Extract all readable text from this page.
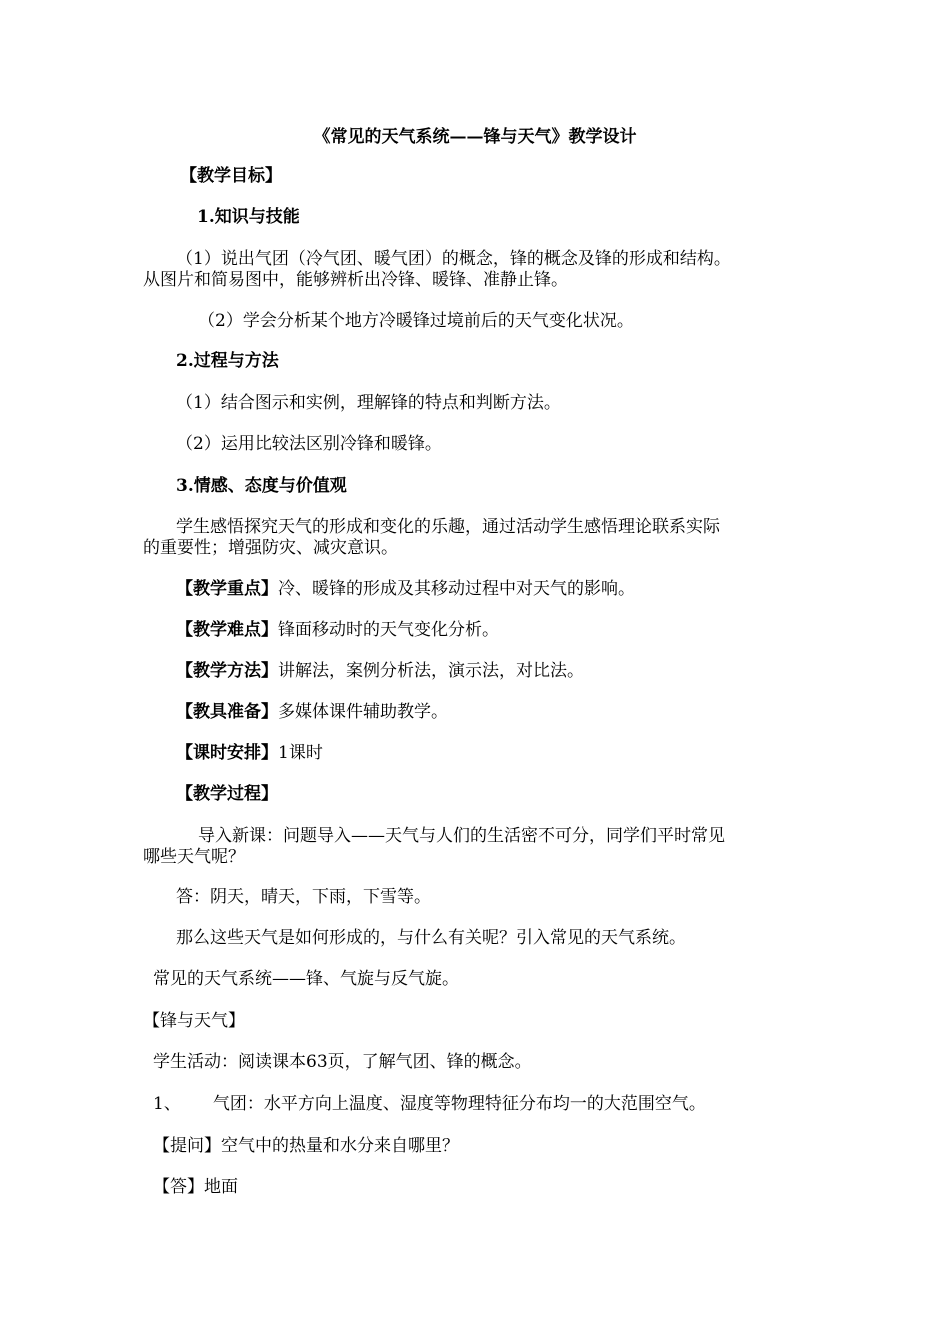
《常见的天气系统——锋与天气》教学设计
【教学目标】
1.知识与技能
（1）说出气团（冷气团、暖气团）的概念，锋的概念及锋的形成和结构。
从图片和简易图中，能够辨析出冷锋、暖锋、准静止锋。
（2）学会分析某个地方冷暖锋过境前后的天气变化状况。
2.过程与方法
（1）结合图示和实例，理解锋的特点和判断方法。
（2）运用比较法区别冷锋和暖锋。
3.情感、态度与价值观
学生感悟探究天气的形成和变化的乐趣，通过活动学生感悟理论联系实际
的重要性；增强防灾、减灾意识。
【教学重点】冷、暖锋的形成及其移动过程中对天气的影响。
【教学难点】锋面移动时的天气变化分析。
【教学方法】讲解法，案例分析法，演示法，对比法。
【教具准备】多媒体课件辅助教学。
【课时安排】1课时
【教学过程】
导入新课：问题导入——天气与人们的生活密不可分，同学们平时常见
哪些天气呢？
答：阴天，晴天，下雨，下雪等。
那么这些天气是如何形成的，与什么有关呢？引入常见的天气系统。
常见的天气系统——锋、气旋与反气旋。
【锋与天气】
学生活动：阅读课本63页，了解气团、锋的概念。
1、 气团：水平方向上温度、湿度等物理特征分布均一的大范围空气。
【提问】空气中的热量和水分来自哪里？
【答】地面
